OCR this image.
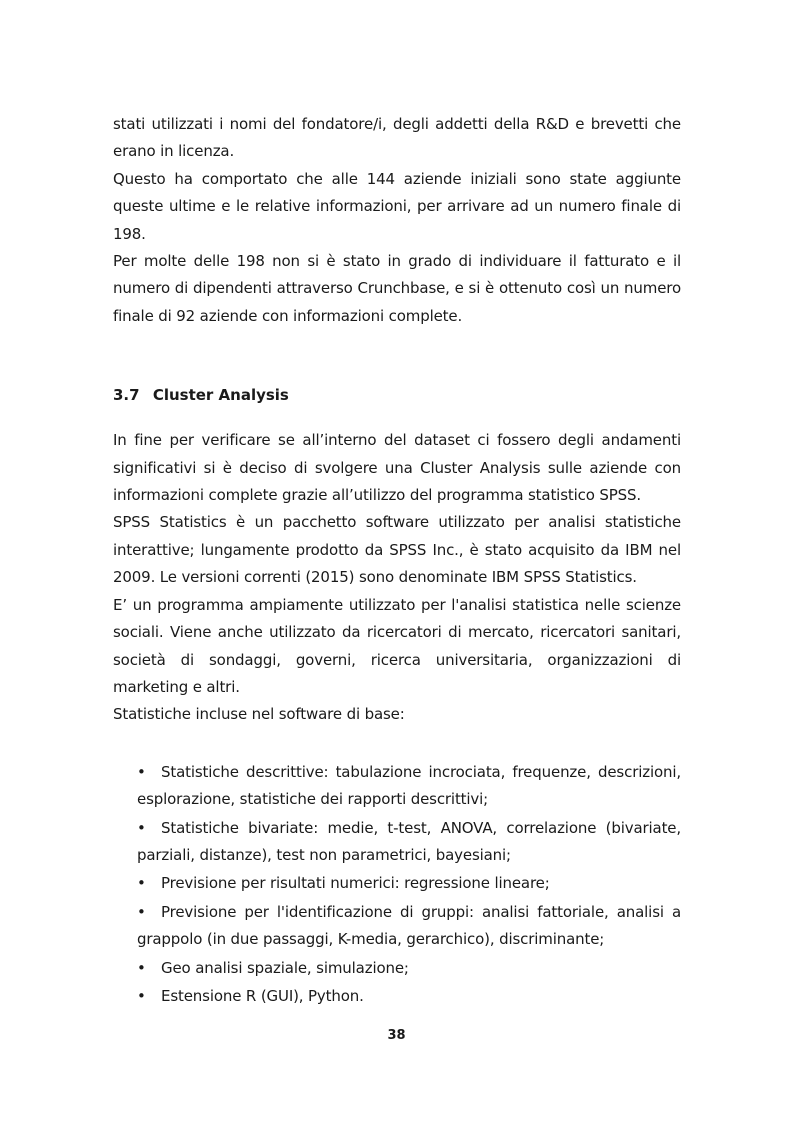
stati utilizzati i nomi del fondatore/i, degli addetti della R&D e brevetti che erano in licenza.

Questo ha comportato che alle 144 aziende iniziali sono state aggiunte queste ultime e le relative informazioni, per arrivare ad un numero finale di 198.

Per molte delle 198 non si è stato in grado di individuare il fatturato e il numero di dipendenti attraverso Crunchbase, e si è ottenuto così un numero finale di 92 aziende con informazioni complete.

3.7 Cluster Analysis

In fine per verificare se all’interno del dataset ci fossero degli andamenti significativi si è deciso di svolgere una Cluster Analysis sulle aziende con informazioni complete grazie all’utilizzo del programma statistico SPSS.

SPSS Statistics è un pacchetto software utilizzato per analisi statistiche interattive; lungamente prodotto da SPSS Inc., è stato acquisito da IBM nel 2009. Le versioni correnti (2015) sono denominate IBM SPSS Statistics.

E’ un programma ampiamente utilizzato per l'analisi statistica nelle scienze sociali. Viene anche utilizzato da ricercatori di mercato, ricercatori sanitari, società di sondaggi, governi, ricerca universitaria, organizzazioni di marketing e altri.

Statistiche incluse nel software di base:

• Statistiche descrittive: tabulazione incrociata, frequenze, descrizioni, esplorazione, statistiche dei rapporti descrittivi;
• Statistiche bivariate: medie, t-test, ANOVA, correlazione (bivariate, parziali, distanze), test non parametrici, bayesiani;
• Previsione per risultati numerici: regressione lineare;
• Previsione per l'identificazione di gruppi: analisi fattoriale, analisi a grappolo (in due passaggi, K-media, gerarchico), discriminante;
• Geo analisi spaziale, simulazione;
• Estensione R (GUI), Python.
38
